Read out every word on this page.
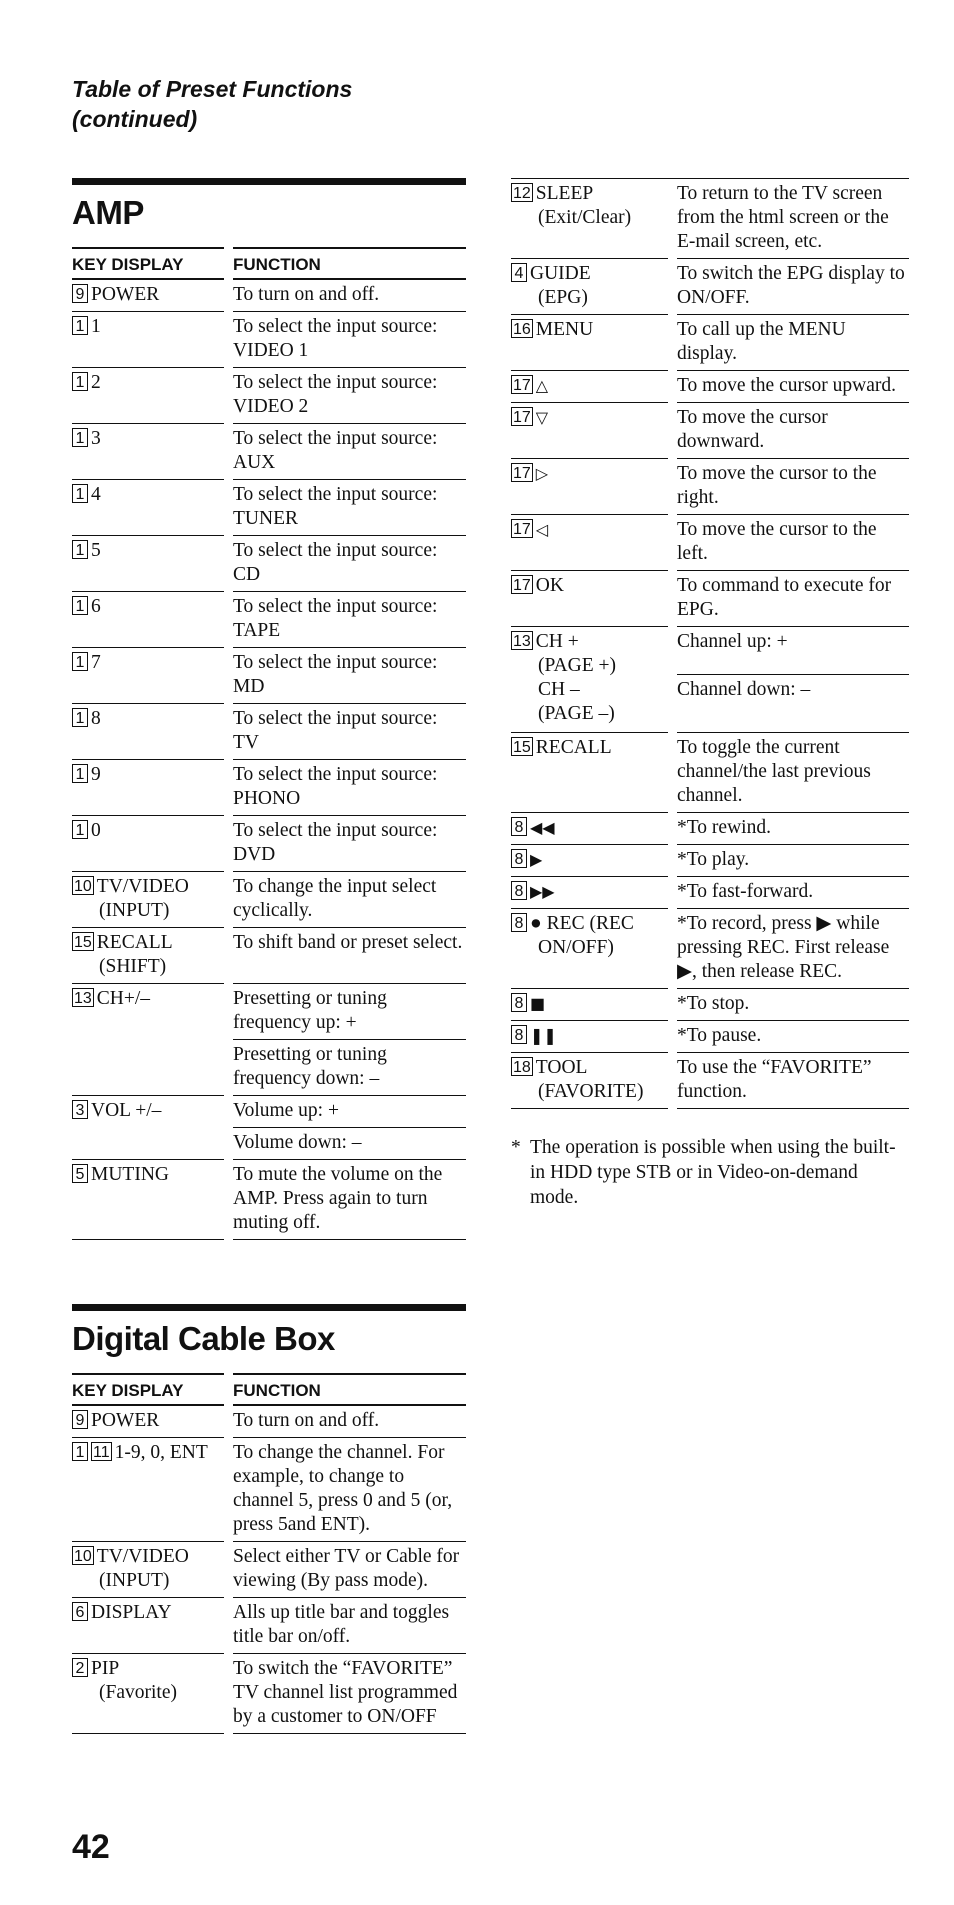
Table of Preset Functions
(continued)
AMP
KEY DISPLAY		FUNCTION
9 POWER		To turn on and off.
1 1		To select the input source: VIDEO 1
1 2		To select the input source: VIDEO 2
1 3		To select the input source: AUX
1 4		To select the input source: TUNER
1 5		To select the input source: CD
1 6		To select the input source: TAPE
1 7		To select the input source: MD
1 8		To select the input source: TV
1 9		To select the input source: PHONO
1 0		To select the input source: DVD
10 TV/VIDEO
(INPUT)		To change the input select cyclically.
15 RECALL
(SHIFT)		To shift band or preset select.
13 CH+/–		Presetting or tuning frequency up: +
		Presetting or tuning frequency down: –
3 VOL +/–		Volume up: +
		Volume down: –
5 MUTING		To mute the volume on the AMP. Press again to turn muting off.
Digital Cable Box
KEY DISPLAY		FUNCTION
9 POWER		To turn on and off.
1 11 1-9, 0, ENT		To change the channel. For example, to change to channel 5, press 0 and 5 (or, press 5and ENT).
10 TV/VIDEO
(INPUT)		Select either TV or Cable for viewing (By pass mode).
6 DISPLAY		Alls up title bar and toggles title bar on/off.
2 PIP
(Favorite)		To switch the “FAVORITE” TV channel list programmed by a customer to ON/OFF
12 SLEEP
(Exit/Clear)		To return to the TV screen from the html screen or the E-mail screen, etc.
4 GUIDE
(EPG)		To switch the EPG display to ON/OFF.
16 MENU		To call up the MENU display.
17 △		To move the cursor upward.
17 ▽		To move the cursor downward.
17 ▷		To move the cursor to the right.
17 ◁		To move the cursor to the left.
17 OK		To command to execute for EPG.
13 CH +
(PAGE +)
CH –
(PAGE –)		Channel up: +
		Channel down: –
15 RECALL		To toggle the current channel/the last previous channel.
8 ◀◀		*To rewind.
8 ▶		*To play.
8 ▶▶		*To fast-forward.
8 ● REC (REC
ON/OFF)		*To record, press ▶ while pressing REC. First release ▶, then release REC.
8 ■		*To stop.
8 ❚❚		*To pause.
18 TOOL
(FAVORITE)		To use the “FAVORITE” function.
* The operation is possible when using the built-in HDD type STB or in Video-on-demand mode.
42
